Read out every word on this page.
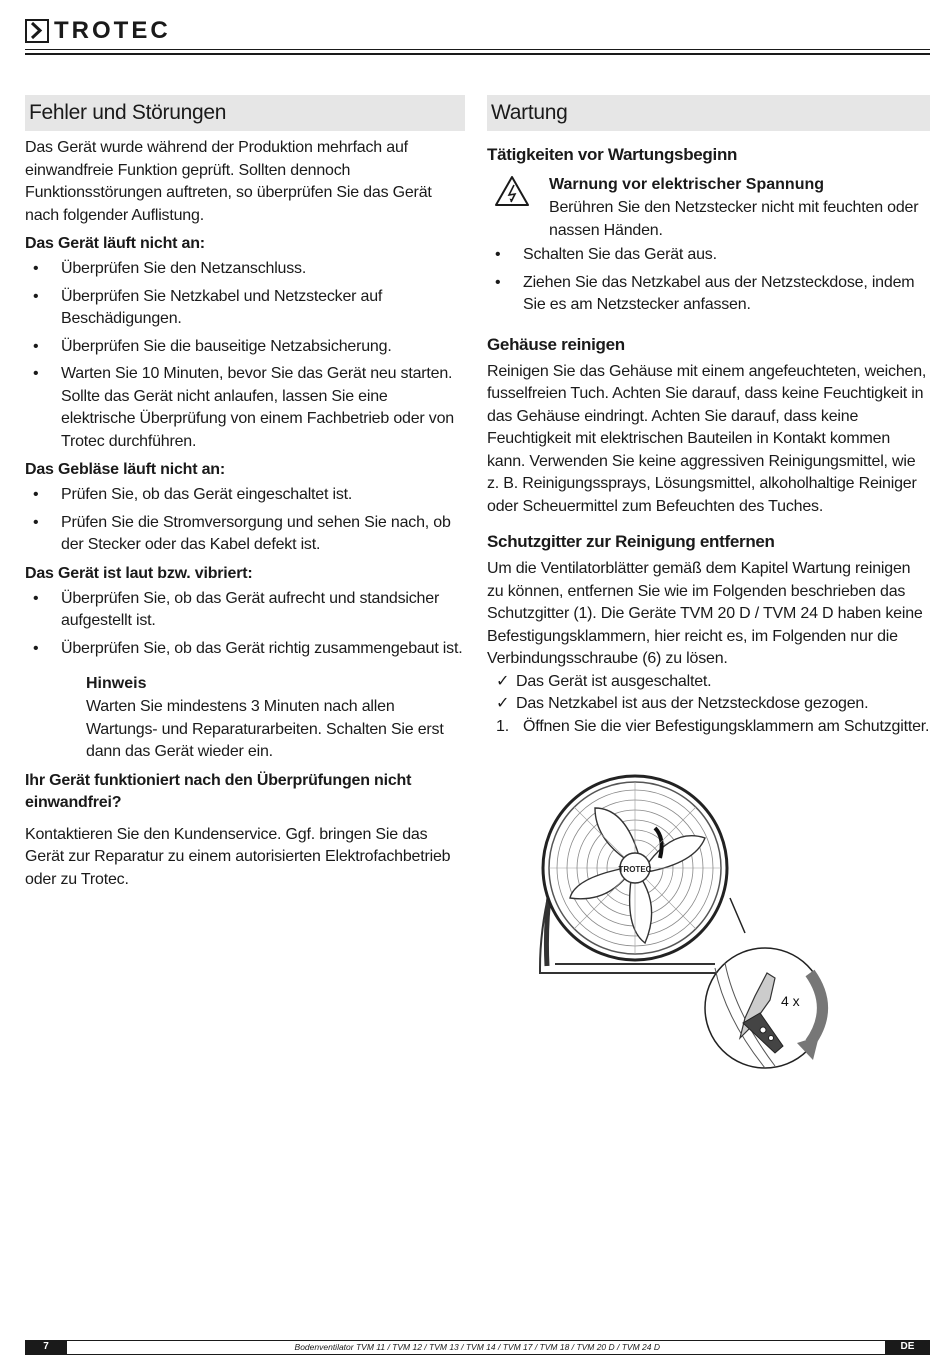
TROTEC
Fehler und Störungen

Das Gerät wurde während der Produktion mehrfach auf einwandfreie Funktion geprüft. Sollten dennoch Funktionsstörungen auftreten, so überprüfen Sie das Gerät nach folgender Auflistung.

Das Gerät läuft nicht an:
• Überprüfen Sie den Netzanschluss.
• Überprüfen Sie Netzkabel und Netzstecker auf Beschädigungen.
• Überprüfen Sie die bauseitige Netzabsicherung.
• Warten Sie 10 Minuten, bevor Sie das Gerät neu starten. Sollte das Gerät nicht anlaufen, lassen Sie eine elektrische Überprüfung von einem Fachbetrieb oder von Trotec durchführen.
Das Gebläse läuft nicht an:
• Prüfen Sie, ob das Gerät eingeschaltet ist.
• Prüfen Sie die Stromversorgung und sehen Sie nach, ob der Stecker oder das Kabel defekt ist.
Das Gerät ist laut bzw. vibriert:
• Überprüfen Sie, ob das Gerät aufrecht und standsicher aufgestellt ist.
• Überprüfen Sie, ob das Gerät richtig zusammengebaut ist.
Hinweis
Warten Sie mindestens 3 Minuten nach allen Wartungs- und Reparaturarbeiten. Schalten Sie erst dann das Gerät wieder ein.
Ihr Gerät funktioniert nach den Überprüfungen nicht einwandfrei?

Kontaktieren Sie den Kundenservice. Ggf. bringen Sie das Gerät zur Reparatur zu einem autorisierten Elektrofachbetrieb oder zu Trotec.

Wartung
Tätigkeiten vor Wartungsbeginn
Warnung vor elektrischer Spannung
Berühren Sie den Netzstecker nicht mit feuchten oder nassen Händen.
• Schalten Sie das Gerät aus.
• Ziehen Sie das Netzkabel aus der Netzsteckdose, indem Sie es am Netzstecker anfassen.
Gehäuse reinigen

Reinigen Sie das Gehäuse mit einem angefeuchteten, weichen, fusselfreien Tuch. Achten Sie darauf, dass keine Feuchtigkeit in das Gehäuse eindringt. Achten Sie darauf, dass keine Feuchtigkeit mit elektrischen Bauteilen in Kontakt kommen kann. Verwenden Sie keine aggressiven Reinigungsmittel, wie z. B. Reinigungssprays, Lösungsmittel, alkoholhaltige Reiniger oder Scheuermittel zum Befeuchten des Tuches.

Schutzgitter zur Reinigung entfernen

Um die Ventilatorblätter gemäß dem Kapitel Wartung reinigen zu können, entfernen Sie wie im Folgenden beschrieben das Schutzgitter (1). Die Geräte TVM 20 D / TVM 24 D haben keine Befestigungsklammern, hier reicht es, im Folgenden nur die Verbindungsschraube (6) zu lösen.

✓ Das Gerät ist ausgeschaltet.
✓ Das Netzkabel ist aus der Netzsteckdose gezogen.
1. Öffnen Sie die vier Befestigungsklammern am Schutzgitter.
TROTEC
4 x
7	Bodenventilator TVM 11 / TVM 12 / TVM 13 / TVM 14 / TVM 17 / TVM 18 / TVM 20 D / TVM 24 D	DE
